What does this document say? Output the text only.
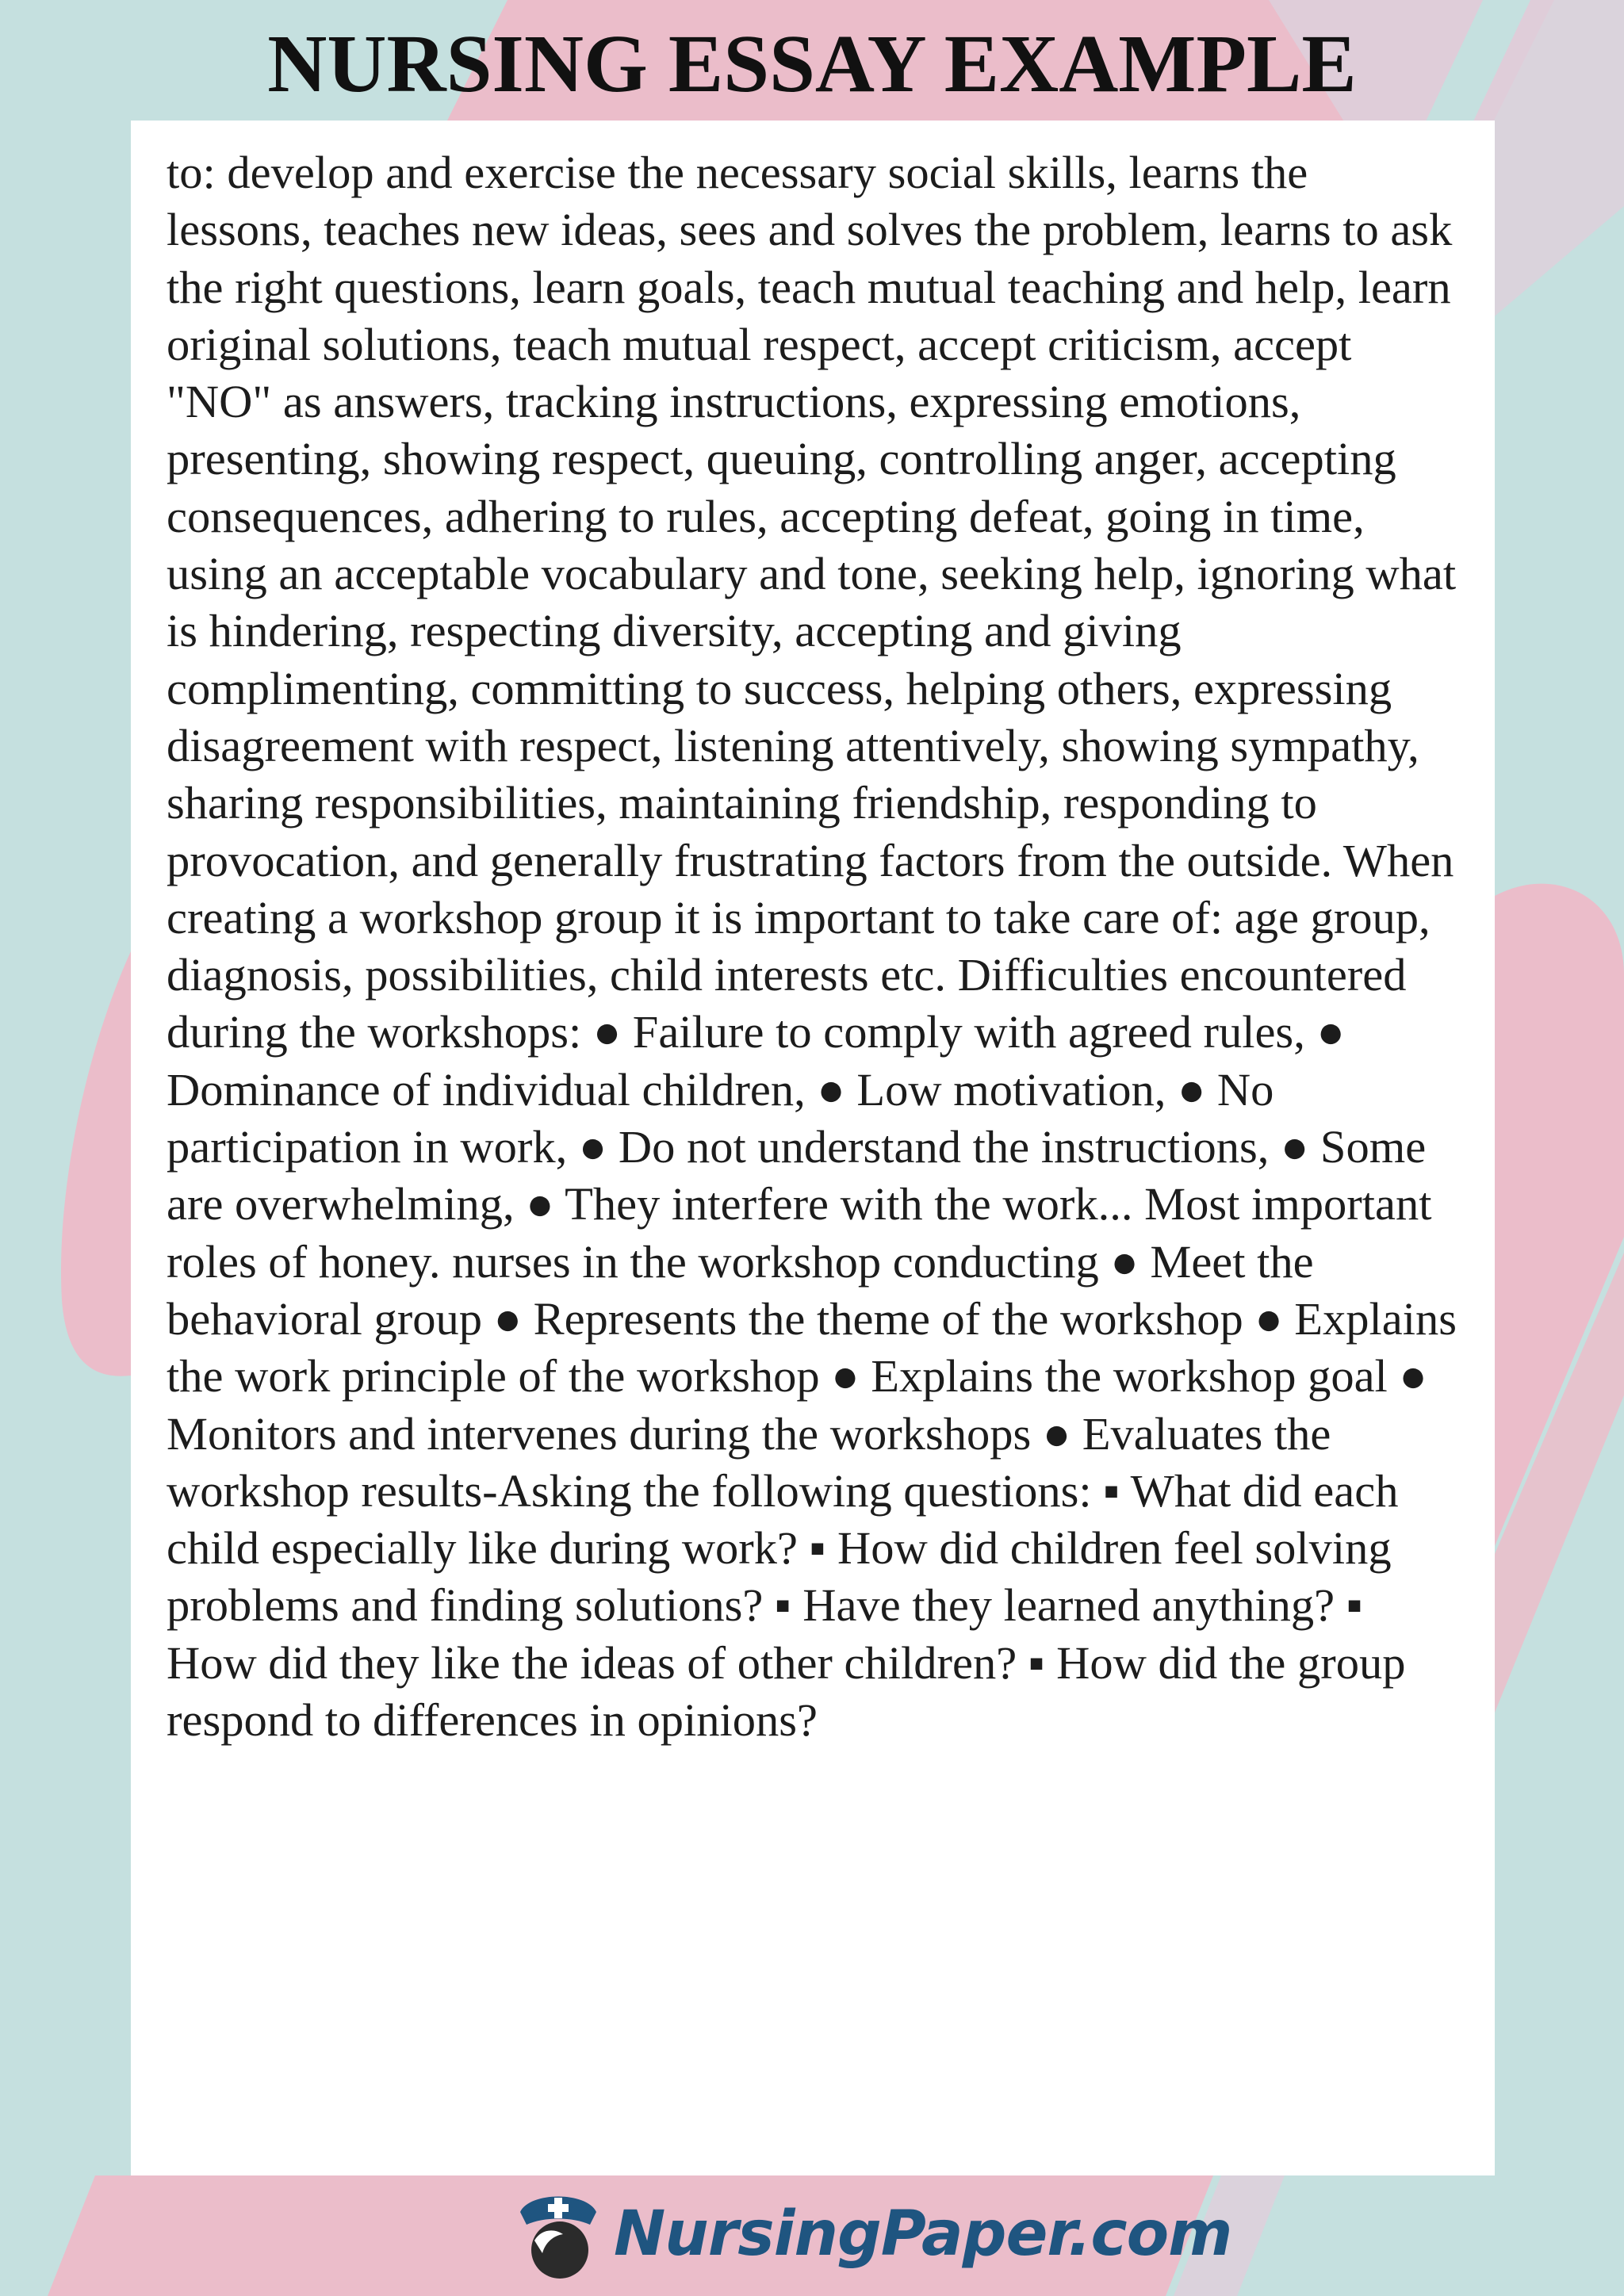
NURSING ESSAY EXAMPLE

to: develop and exercise the necessary social skills, learns the lessons, teaches new ideas, sees and solves the problem, learns to ask the right questions, learn goals, teach mutual teaching and help, learn original solutions, teach mutual respect, accept criticism, accept "NO" as answers, tracking instructions, expressing emotions, presenting, showing respect, queuing, controlling anger, accepting consequences, adhering to rules, accepting defeat, going in time, using an acceptable vocabulary and tone, seeking help, ignoring what is hindering, respecting diversity, accepting and giving complimenting, committing to success, helping others, expressing disagreement with respect, listening attentively, showing sympathy, sharing responsibilities, maintaining friendship, responding to provocation, and generally frustrating factors from the outside. When creating a workshop group it is important to take care of: age group, diagnosis, possibilities, child interests etc. Difficulties encountered during the workshops: ● Failure to comply with agreed rules, ● Dominance of individual children, ● Low motivation, ● No participation in work, ● Do not understand the instructions, ● Some are overwhelming, ● They interfere with the work... Most important roles of honey. nurses in the workshop conducting ● Meet the behavioral group ● Represents the theme of the workshop ● Explains the work principle of the workshop ● Explains the workshop goal ● Monitors and intervenes during the workshops ● Evaluates the workshop results-Asking the following questions: ▪ What did each child especially like during work? ▪ How did children feel solving problems and finding solutions? ▪ Have they learned anything? ▪ How did they like the ideas of other children? ▪ How did the group respond to differences in opinions?

NursingPaper.com
